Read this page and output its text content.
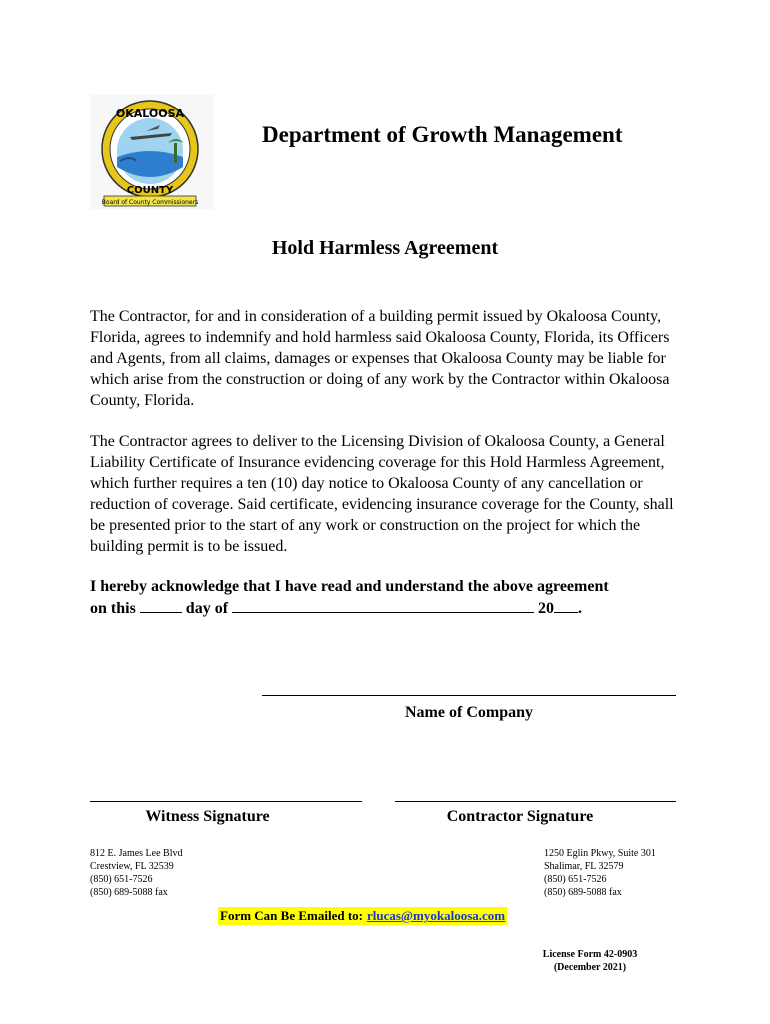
OKALOOSA
COUNTY
Board of County Commissioners
Department of Growth Management
Hold Harmless Agreement
The Contractor, for and in consideration of a building permit issued by Okaloosa County, Florida, agrees to indemnify and hold harmless said Okaloosa County, Florida, its Officers and Agents, from all claims, damages or expenses that Okaloosa County may be liable for which arise from the construction or doing of any work by the Contractor within Okaloosa County, Florida.
The Contractor agrees to deliver to the Licensing Division of Okaloosa County, a General Liability Certificate of Insurance evidencing coverage for this Hold Harmless Agreement, which further requires a ten (10) day notice to Okaloosa County of any cancellation or reduction of coverage. Said certificate, evidencing insurance coverage for the County, shall be presented prior to the start of any work or construction on the project for which the building permit is to be issued.
I hereby acknowledge that I have read and understand the above agreement
on this	day of	20 .
Name of Company
Witness Signature	Contractor Signature
812 E. James Lee Blvd
Crestview, FL 32539
(850) 651-7526
(850) 689-5088 fax
1250 Eglin Pkwy, Suite 301
Shalimar, FL 32579
(850) 651-7526
(850) 689-5088 fax
Form Can Be Emailed to: rlucas@myokaloosa.com
License Form 42-0903
(December 2021)
